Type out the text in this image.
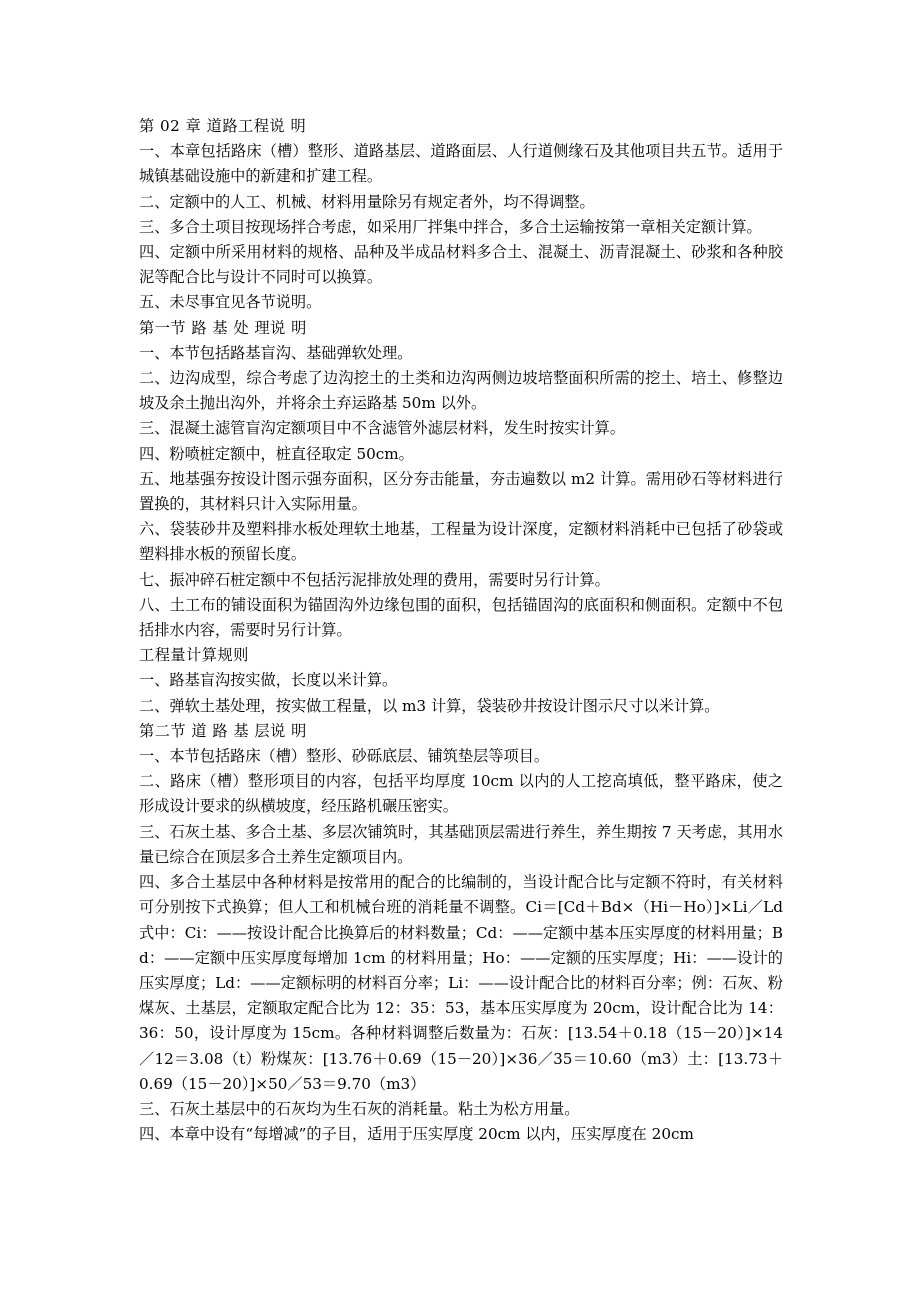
第 02 章 道路工程说 明

一、本章包括路床（槽）整形、道路基层、道路面层、人行道侧缘石及其他项目共五节。适用于城镇基础设施中的新建和扩建工程。

二、定额中的人工、机械、材料用量除另有规定者外，均不得调整。

三、多合土项目按现场拌合考虑，如采用厂拌集中拌合，多合土运输按第一章相关定额计算。

四、定额中所采用材料的规格、品种及半成品材料多合土、混凝土、沥青混凝土、砂浆和各种胶泥等配合比与设计不同时可以换算。

五、未尽事宜见各节说明。

第一节 路 基 处 理说 明

一、本节包括路基盲沟、基础弹软处理。

二、边沟成型，综合考虑了边沟挖土的土类和边沟两侧边坡培整面积所需的挖土、培土、修整边坡及余土抛出沟外，并将余土弃运路基 50m 以外。

三、混凝土滤管盲沟定额项目中不含滤管外滤层材料，发生时按实计算。

四、粉喷桩定额中，桩直径取定 50cm。

五、地基强夯按设计图示强夯面积，区分夯击能量，夯击遍数以 m2 计算。需用砂石等材料进行置换的，其材料只计入实际用量。

六、袋装砂井及塑料排水板处理软土地基，工程量为设计深度，定额材料消耗中已包括了砂袋或塑料排水板的预留长度。

七、振冲碎石桩定额中不包括污泥排放处理的费用，需要时另行计算。

八、土工布的铺设面积为锚固沟外边缘包围的面积，包括锚固沟的底面积和侧面积。定额中不包括排水内容，需要时另行计算。

工程量计算规则

一、路基盲沟按实做，长度以米计算。

二、弹软土基处理，按实做工程量，以 m3 计算，袋装砂井按设计图示尺寸以米计算。

第二节 道 路 基 层说 明

一、本节包括路床（槽）整形、砂砾底层、铺筑垫层等项目。

二、路床（槽）整形项目的内容，包括平均厚度 10cm 以内的人工挖高填低，整平路床，使之形成设计要求的纵横坡度，经压路机碾压密实。

三、石灰土基、多合土基、多层次铺筑时，其基础顶层需进行养生，养生期按 7 天考虑，其用水量已综合在顶层多合土养生定额项目内。

四、多合土基层中各种材料是按常用的配合的比编制的，当设计配合比与定额不符时，有关材料可分别按下式换算；但人工和机械台班的消耗量不调整。Ci＝[Cd＋Bd×（Hi－Ho）]×Li／Ld 式中：Ci：——按设计配合比换算后的材料数量；Cd：——定额中基本压实厚度的材料用量；Bd：——定额中压实厚度每增加 1cm 的材料用量；Ho：——定额的压实厚度；Hi：——设计的压实厚度；Ld：——定额标明的材料百分率；Li：——设计配合比的材料百分率；例：石灰、粉煤灰、土基层，定额取定配合比为 12：35：53，基本压实厚度为 20cm，设计配合比为 14：36：50，设计厚度为 15cm。各种材料调整后数量为：石灰：[13.54＋0.18（15－20）]×14／12＝3.08（t）粉煤灰：[13.76＋0.69（15－20）]×36／35＝10.60（m3）土：[13.73＋0.69（15－20）]×50／53＝9.70（m3）

三、石灰土基层中的石灰均为生石灰的消耗量。粘土为松方用量。

四、本章中设有“每增减”的子目，适用于压实厚度 20cm 以内，压实厚度在 20cm
